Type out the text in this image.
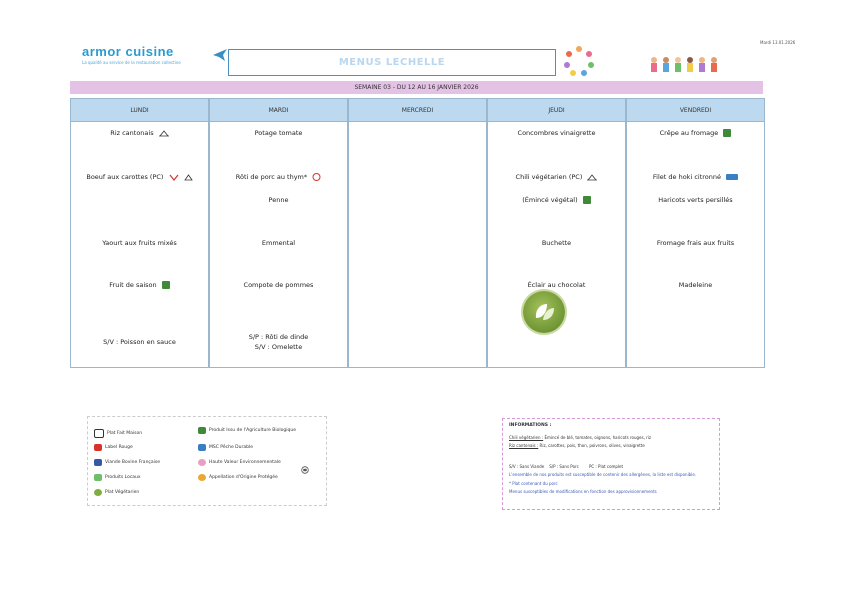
armor cuisine
La qualité au service de la restauration collective
Mardi 13.01.2026
MENUS LECHELLE
SEMAINE 03 - DU 12 AU 16 JANVIER 2026
LUNDI
Riz cantonais
Boeuf aux carottes (PC)
Yaourt aux fruits mixés
Fruit de saison
S/V : Poisson en sauce
MARDI
Potage tomate
Rôti de porc au thym*
Penne
Emmental
Compote de pommes
S/P : Rôti de dinde
S/V : Omelette
MERCREDI	JEUDI
Concombres vinaigrette
Chili végétarien (PC)
(Émincé végétal)
Buchette
Éclair au chocolat
VENDREDI
Crêpe au fromage
Filet de hoki citronné
Haricots verts persillés
Fromage frais aux fruits
Madeleine
Plat Fait Maison
Label Rouge
Viande Bovine Française
Produits Locaux
Plat Végétarien
Produit Issu de l'Agriculture Biologique
MSC Pêche Durable
Haute Valeur Environnementale
Appellation d'Origine Protégée
INFORMATIONS :
Chili végétarien : Émincé de blé, tomates, oignons, haricots rouges, riz
Riz cantonais : Riz, carottes, pois, thon, poivrons, olives, vinaigrette
S/V : Sans Viande S/P : Sans Porc	PC : Plat complet
L'ensemble de nos produits est susceptible de contenir des allergènes, la liste est disponible.
* Plat contenant du porc
Menus susceptibles de modifications en fonction des approvisionnements
